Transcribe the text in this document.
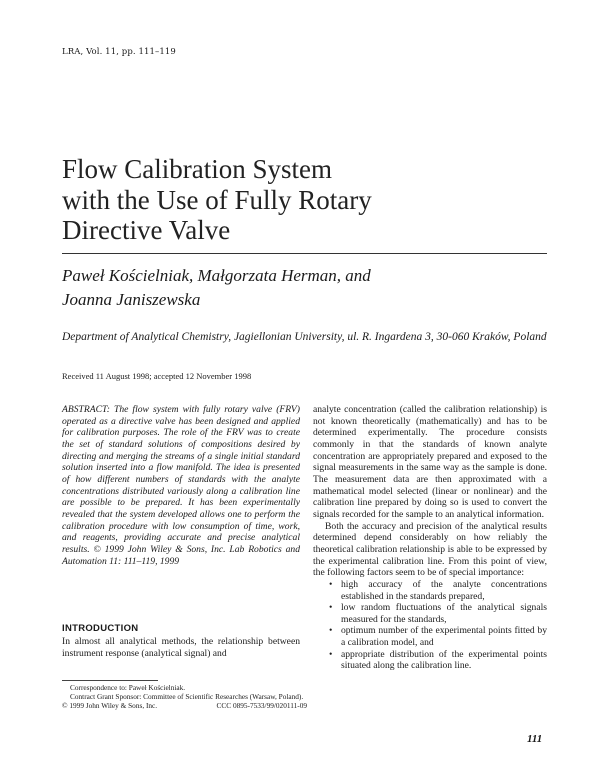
LRA, Vol. 11, pp. 111–119
Flow Calibration System
with the Use of Fully Rotary
Directive Valve
Paweł Kościelniak, Małgorzata Herman, and
Joanna Janiszewska
Department of Analytical Chemistry, Jagiellonian University, ul. R. Ingardena 3, 30-060 Kraków, Poland
Received 11 August 1998; accepted 12 November 1998
ABSTRACT: The flow system with fully rotary valve (FRV) operated as a directive valve has been designed and applied for calibration purposes. The role of the FRV was to create the set of standard solutions of compositions desired by directing and merging the streams of a single initial standard solution inserted into a flow manifold. The idea is presented of how different numbers of standards with the analyte concentrations distributed variously along a calibration line are possible to be prepared. It has been experimentally revealed that the system developed allows one to perform the calibration procedure with low consumption of time, work, and reagents, providing accurate and precise analytical results. © 1999 John Wiley & Sons, Inc. Lab Robotics and Automation 11: 111–119, 1999
INTRODUCTION
In almost all analytical methods, the relationship between instrument response (analytical signal) and

Correspondence to: Paweł Kościelniak.

Contract Grant Sponsor: Committee of Scientific Researches (Warsaw, Poland).

© 1999 John Wiley & Sons, Inc.	CCC 0895-7533/99/020111-09

analyte concentration (called the calibration relationship) is not known theoretically (mathematically) and has to be determined experimentally. The procedure consists commonly in that the standards of known analyte concentration are appropriately prepared and exposed to the signal measurements in the same way as the sample is done. The measurement data are then approximated with a mathematical model selected (linear or nonlinear) and the calibration line prepared by doing so is used to convert the signals recorded for the sample to an analytical information.

Both the accuracy and precision of the analytical results determined depend considerably on how reliably the theoretical calibration relationship is able to be expressed by the experimental calibration line. From this point of view, the following factors seem to be of special importance:

• high accuracy of the analyte concentrations established in the standards prepared,
• low random fluctuations of the analytical signals measured for the standards,
• optimum number of the experimental points fitted by a calibration model, and
• appropriate distribution of the experimental points situated along the calibration line.
111
